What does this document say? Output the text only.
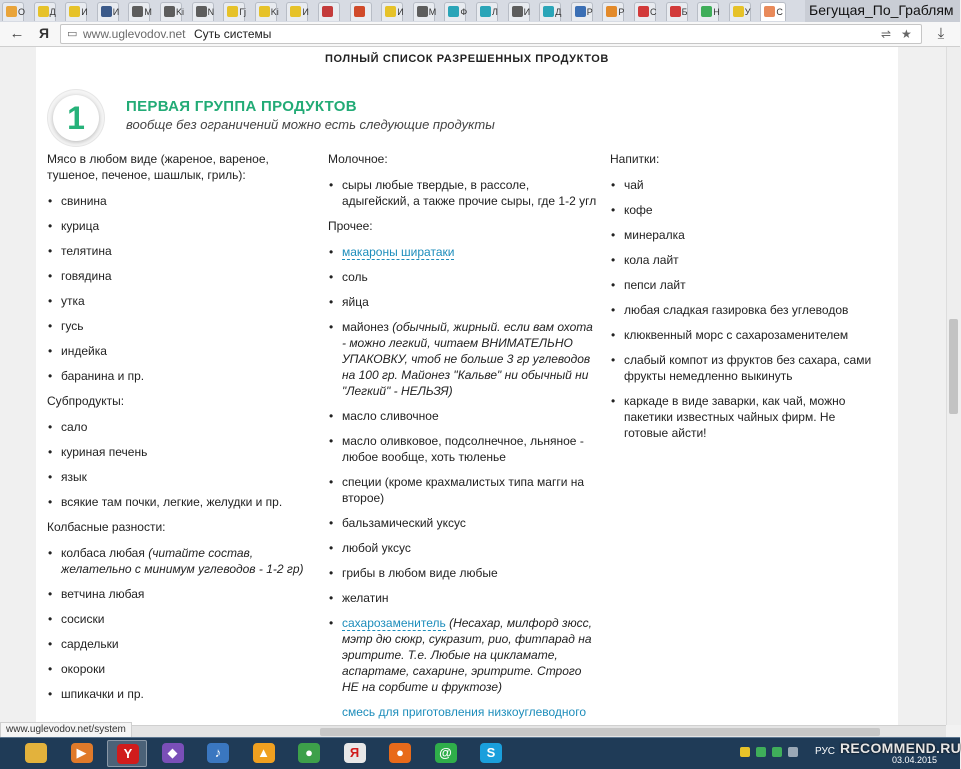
О	Д	И	И	М	Ki	N	Гј	Ki	И	И	М	Ф	Л	И	Д	Р	Р	С	Б	Н	У	С Бегущая_По_Граблям
← Я	▭ www.uglevodov.net Суть системы	⇌ ★	⤓
ПОЛНЫЙ СПИСОК РАЗРЕШЕННЫХ ПРОДУКТОВ
1	ПЕРВАЯ ГРУППА ПРОДУКТОВ
вообще без ограничений можно есть следующие продукты
Мясо в любом виде (жареное, вареное, тушеное, печеное, шашлык, гриль):
• свинина
• курица
• телятина
• говядина
• утка
• гусь
• индейка
• баранина и пр.
Субпродукты:
• сало
• куриная печень
• язык
• всякие там почки, легкие, желудки и пр.
Колбасные разности:
• колбаса любая (читайте состав, желательно с минимум углеводов - 1-2 гр)
• ветчина любая
• сосиски
• сардельки
• окороки
• шпикачки и пр.
Молочное:
• сыры любые твердые, в рассоле, адыгейский, а также прочие сыры, где 1-2 угл
Прочее:
• макароны ширатаки
• соль
• яйца
• майонез (обычный, жирный. если вам охота - можно легкий, читаем ВНИМАТЕЛЬНО УПАКОВКУ, чтоб не больше 3 гр углеводов на 100 гр. Майонез "Кальве" ни обычный ни "Легкий" - НЕЛЬЗЯ)
• масло сливочное
• масло оливковое, подсолнечное, льняное - любое вообще, хоть тюленье
• специи (кроме крахмалистых типа магги на второе)
• бальзамический уксус
• любой уксус
• грибы в любом виде любые
• желатин
• сахарозаменитель (Несахар, милфорд зюсс, мэтр дю сюкр, сукразит, рио, фитпарад на эритрите. Т.е. Любые на цикламате, аспартаме, сахарине, эритрите. Строго НЕ на сорбите и фруктозе)
смесь для приготовления низкоуглеводного
Напитки:
• чай
• кофе
• минералка
• кола лайт
• пепси лайт
• любая сладкая газировка без углеводов
• клюквенный морс с сахарозаменителем
• слабый компот из фруктов без сахара, сами фрукты немедленно выкинуть
• каркаде в виде заварки, как чай, можно пакетики известных чайных фирм. Не готовые айсти!
www.uglevodov.net/system
РУС RECOMMEND.RU
03.04.2015
▶	Y	◆	♪	▲	●	Я	●	@	S
